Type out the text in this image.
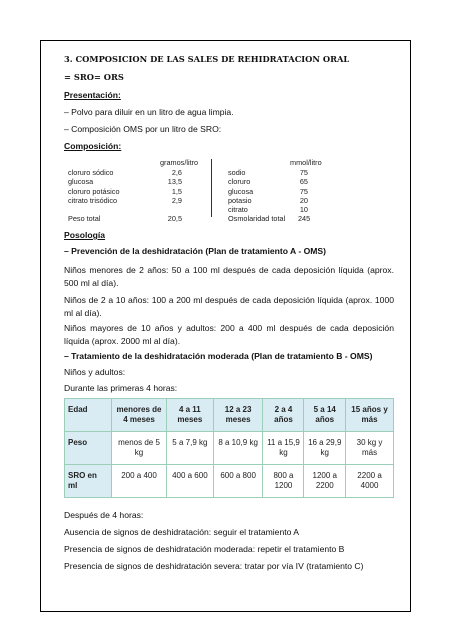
3. COMPOSICION DE LAS SALES DE REHIDRATACION ORAL
= SRO= ORS
Presentación:
– Polvo para diluir en un litro de agua limpia.
– Composición OMS por un litro de SRO:
Composición:
gramos/litro
cloruro sódico	2,6
glucosa	13,5
cloruro potásico	1,5
citrato trisódico	2,9
Peso total	20,5
mmol/litro
sodio	75
cloruro	65
glucosa	75
potasio	20
citrato	10
Osmolaridad total	245
Posología
– Prevención de la deshidratación (Plan de tratamiento A - OMS)
Niños menores de 2 años: 50 a 100 ml después de cada deposición líquida (aprox. 500 ml al día).
Niños de 2 a 10 años: 100 a 200 ml después de cada deposición líquida (aprox. 1000 ml al día).
Niños mayores de 10 años y adultos: 200 a 400 ml después de cada deposición líquida (aprox. 2000 ml al día).
– Tratamiento de la deshidratación moderada (Plan de tratamiento B - OMS)
Niños y adultos:
Durante las primeras 4 horas:
Edad	menores de 4 meses	4 a 11 meses	12 a 23 meses	2 a 4 años	5 a 14 años	15 años y más
Peso	menos de 5 kg	5 a 7,9 kg	8 a 10,9 kg	11 a 15,9 kg	16 a 29,9 kg	30 kg y más
SRO en ml	200 a 400	400 a 600	600 a 800	800 a 1200	1200 a 2200	2200 a 4000
Después de 4 horas:
Ausencia de signos de deshidratación: seguir el tratamiento A
Presencia de signos de deshidratación moderada: repetir el tratamiento B
Presencia de signos de deshidratación severa: tratar por vía IV (tratamiento C)
